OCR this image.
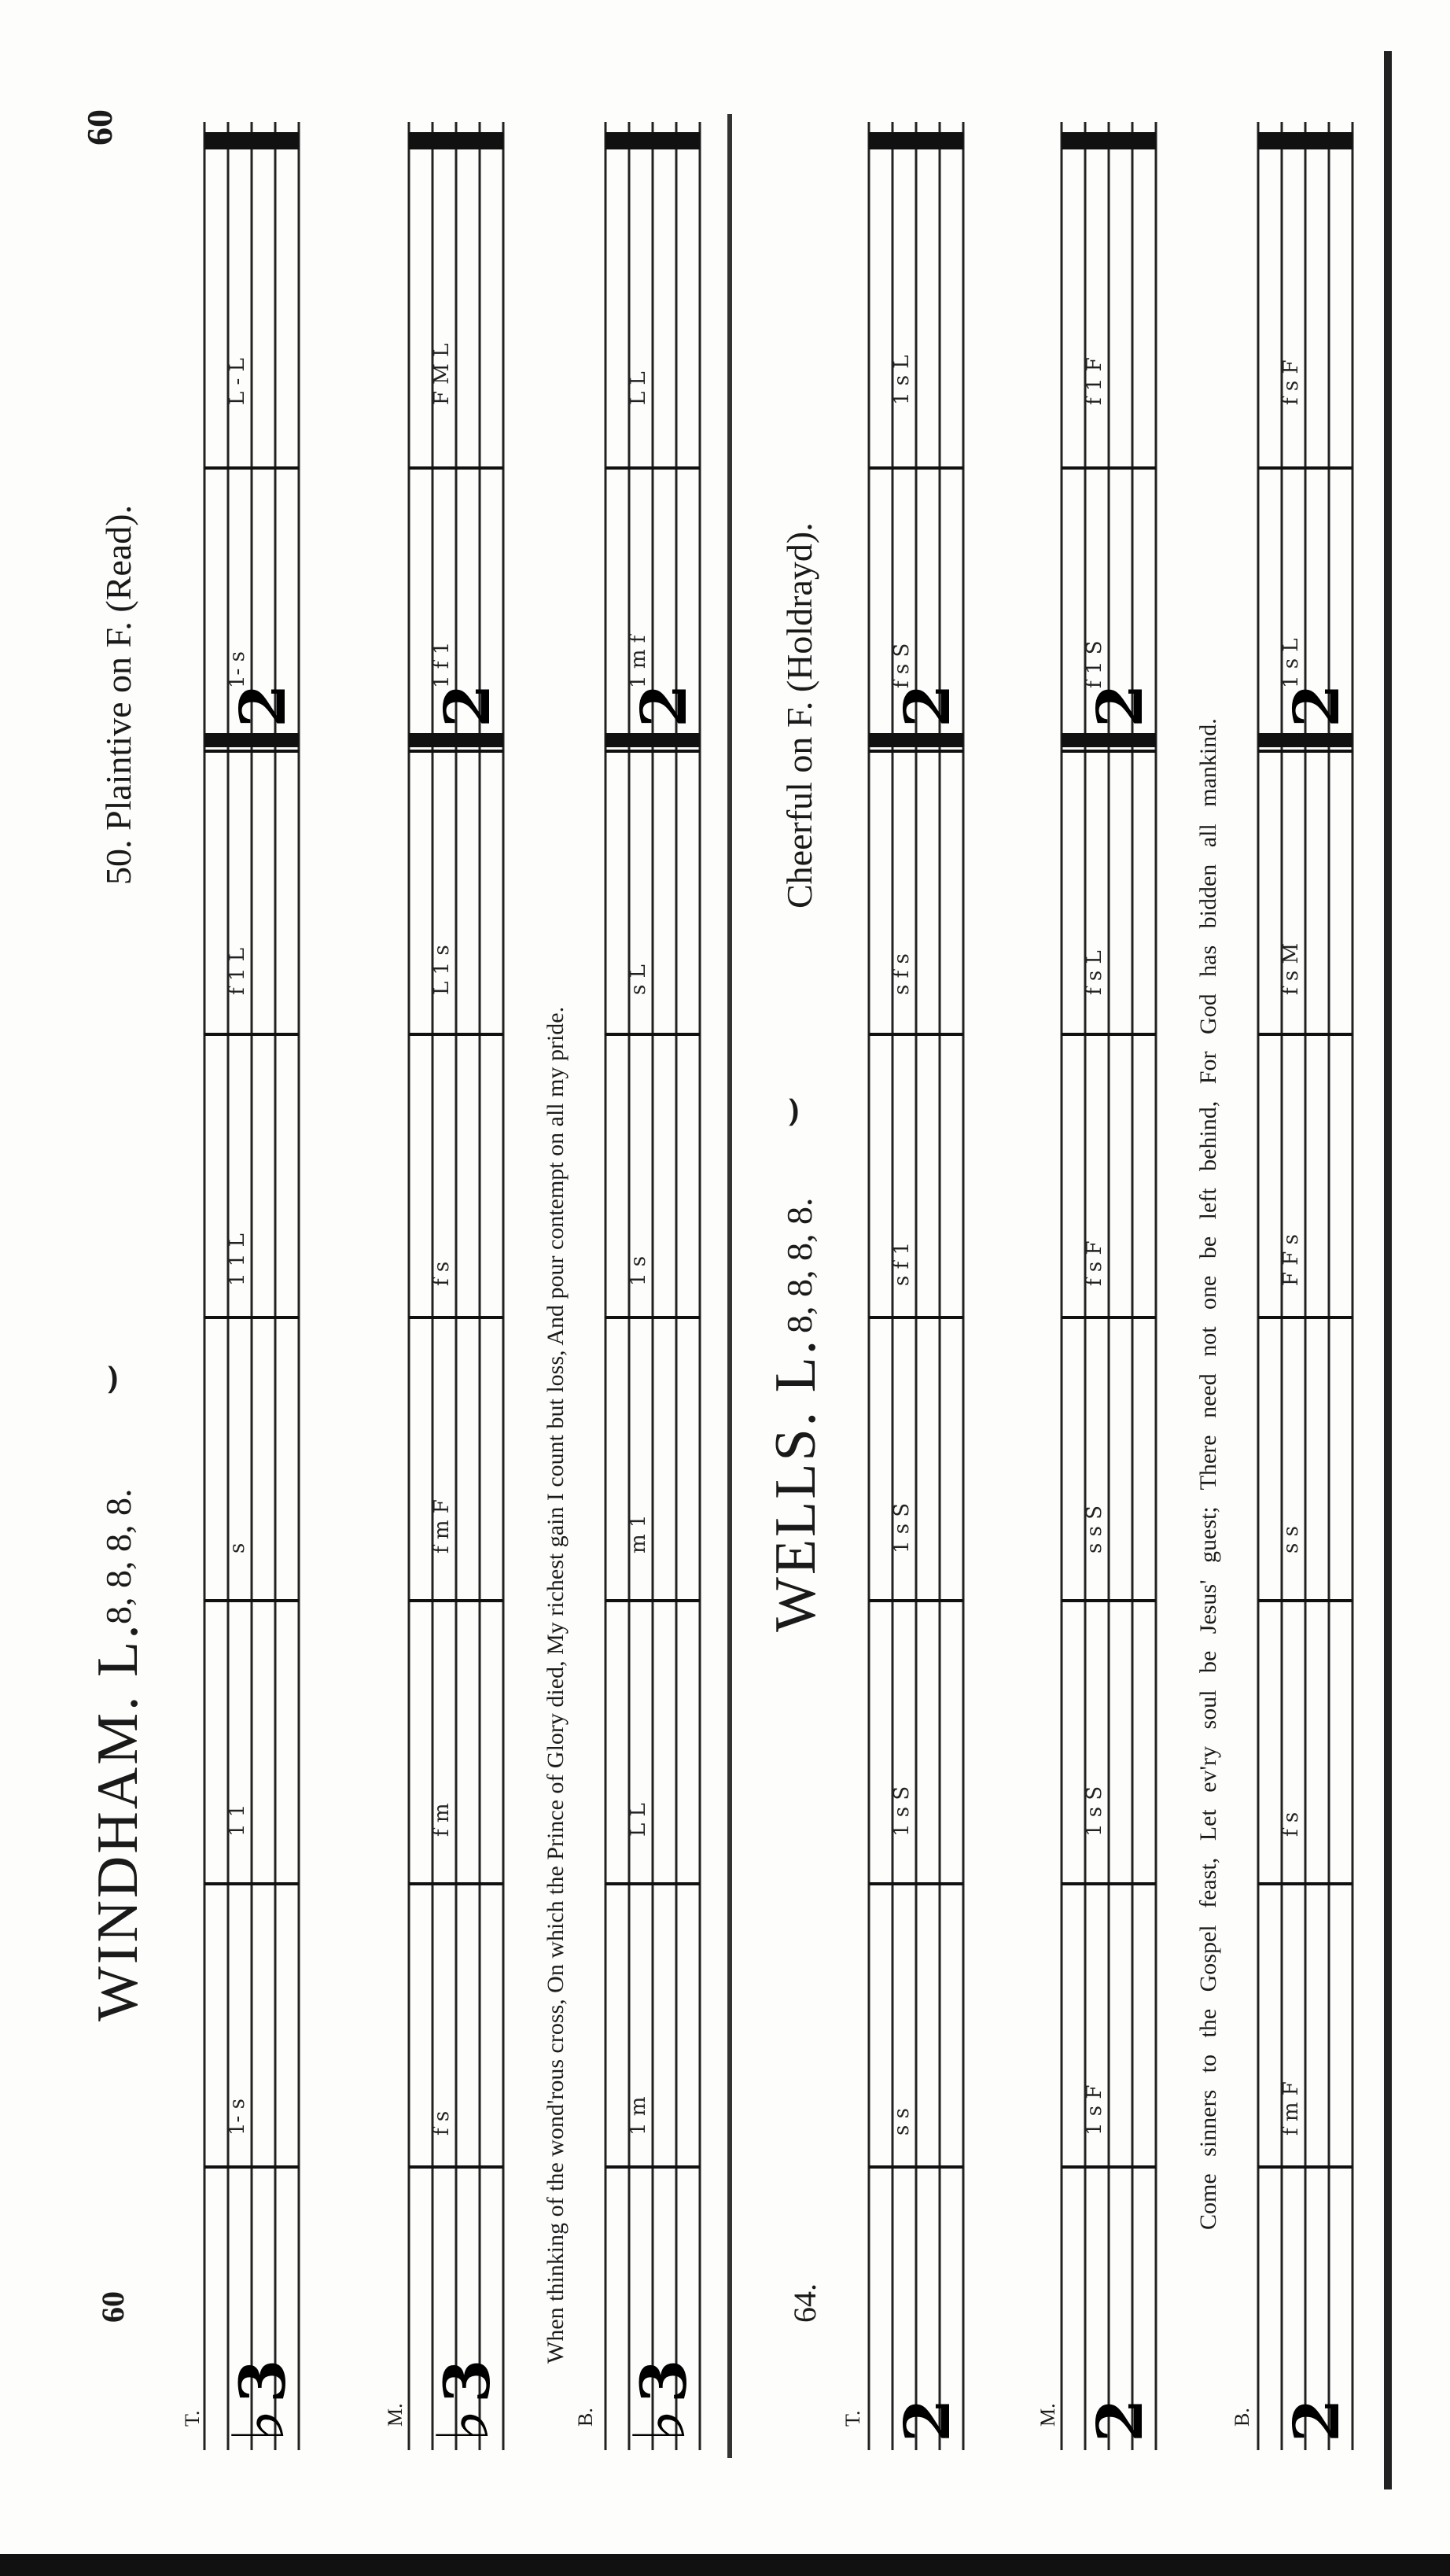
60
WINDHAM. L.
8, 8, 8, 8.
⌣
50. Plaintive on F. (Read).
60
♭
3
2
1- s
1 1
s
1 1 L
f 1 L
1- s
L - L
T.	♭
3
2
f s
f m
f m F
f s
L 1 s
1 f 1
F M L
M.
When thinking of the wond'rous cross, On which the Prince of Glory died, My richest gain I count but loss, And pour contempt on all my pride.
B. ♭
3
2
1 m
L L
m 1
1 s
s L
1 m f
L L
64.
WELLS. L.
8, 8, 8, 8.
⌣
Cheerful on F. (Holdrayd).
T. 2
2
s s
1 s S
1 s S
s f 1
s f s
f s S
1 s L
M. 2
2
1 s F
1 s S
s s S
f s F
f s L
f 1 S
f 1 F
Come sinners to the Gospel feast, Let ev'ry soul be Jesus' guest; There need not one be left behind, For God has bidden all mankind.
B. 2
2
f m F
f s
s s
F F s
f s M
1 s L
f s F
